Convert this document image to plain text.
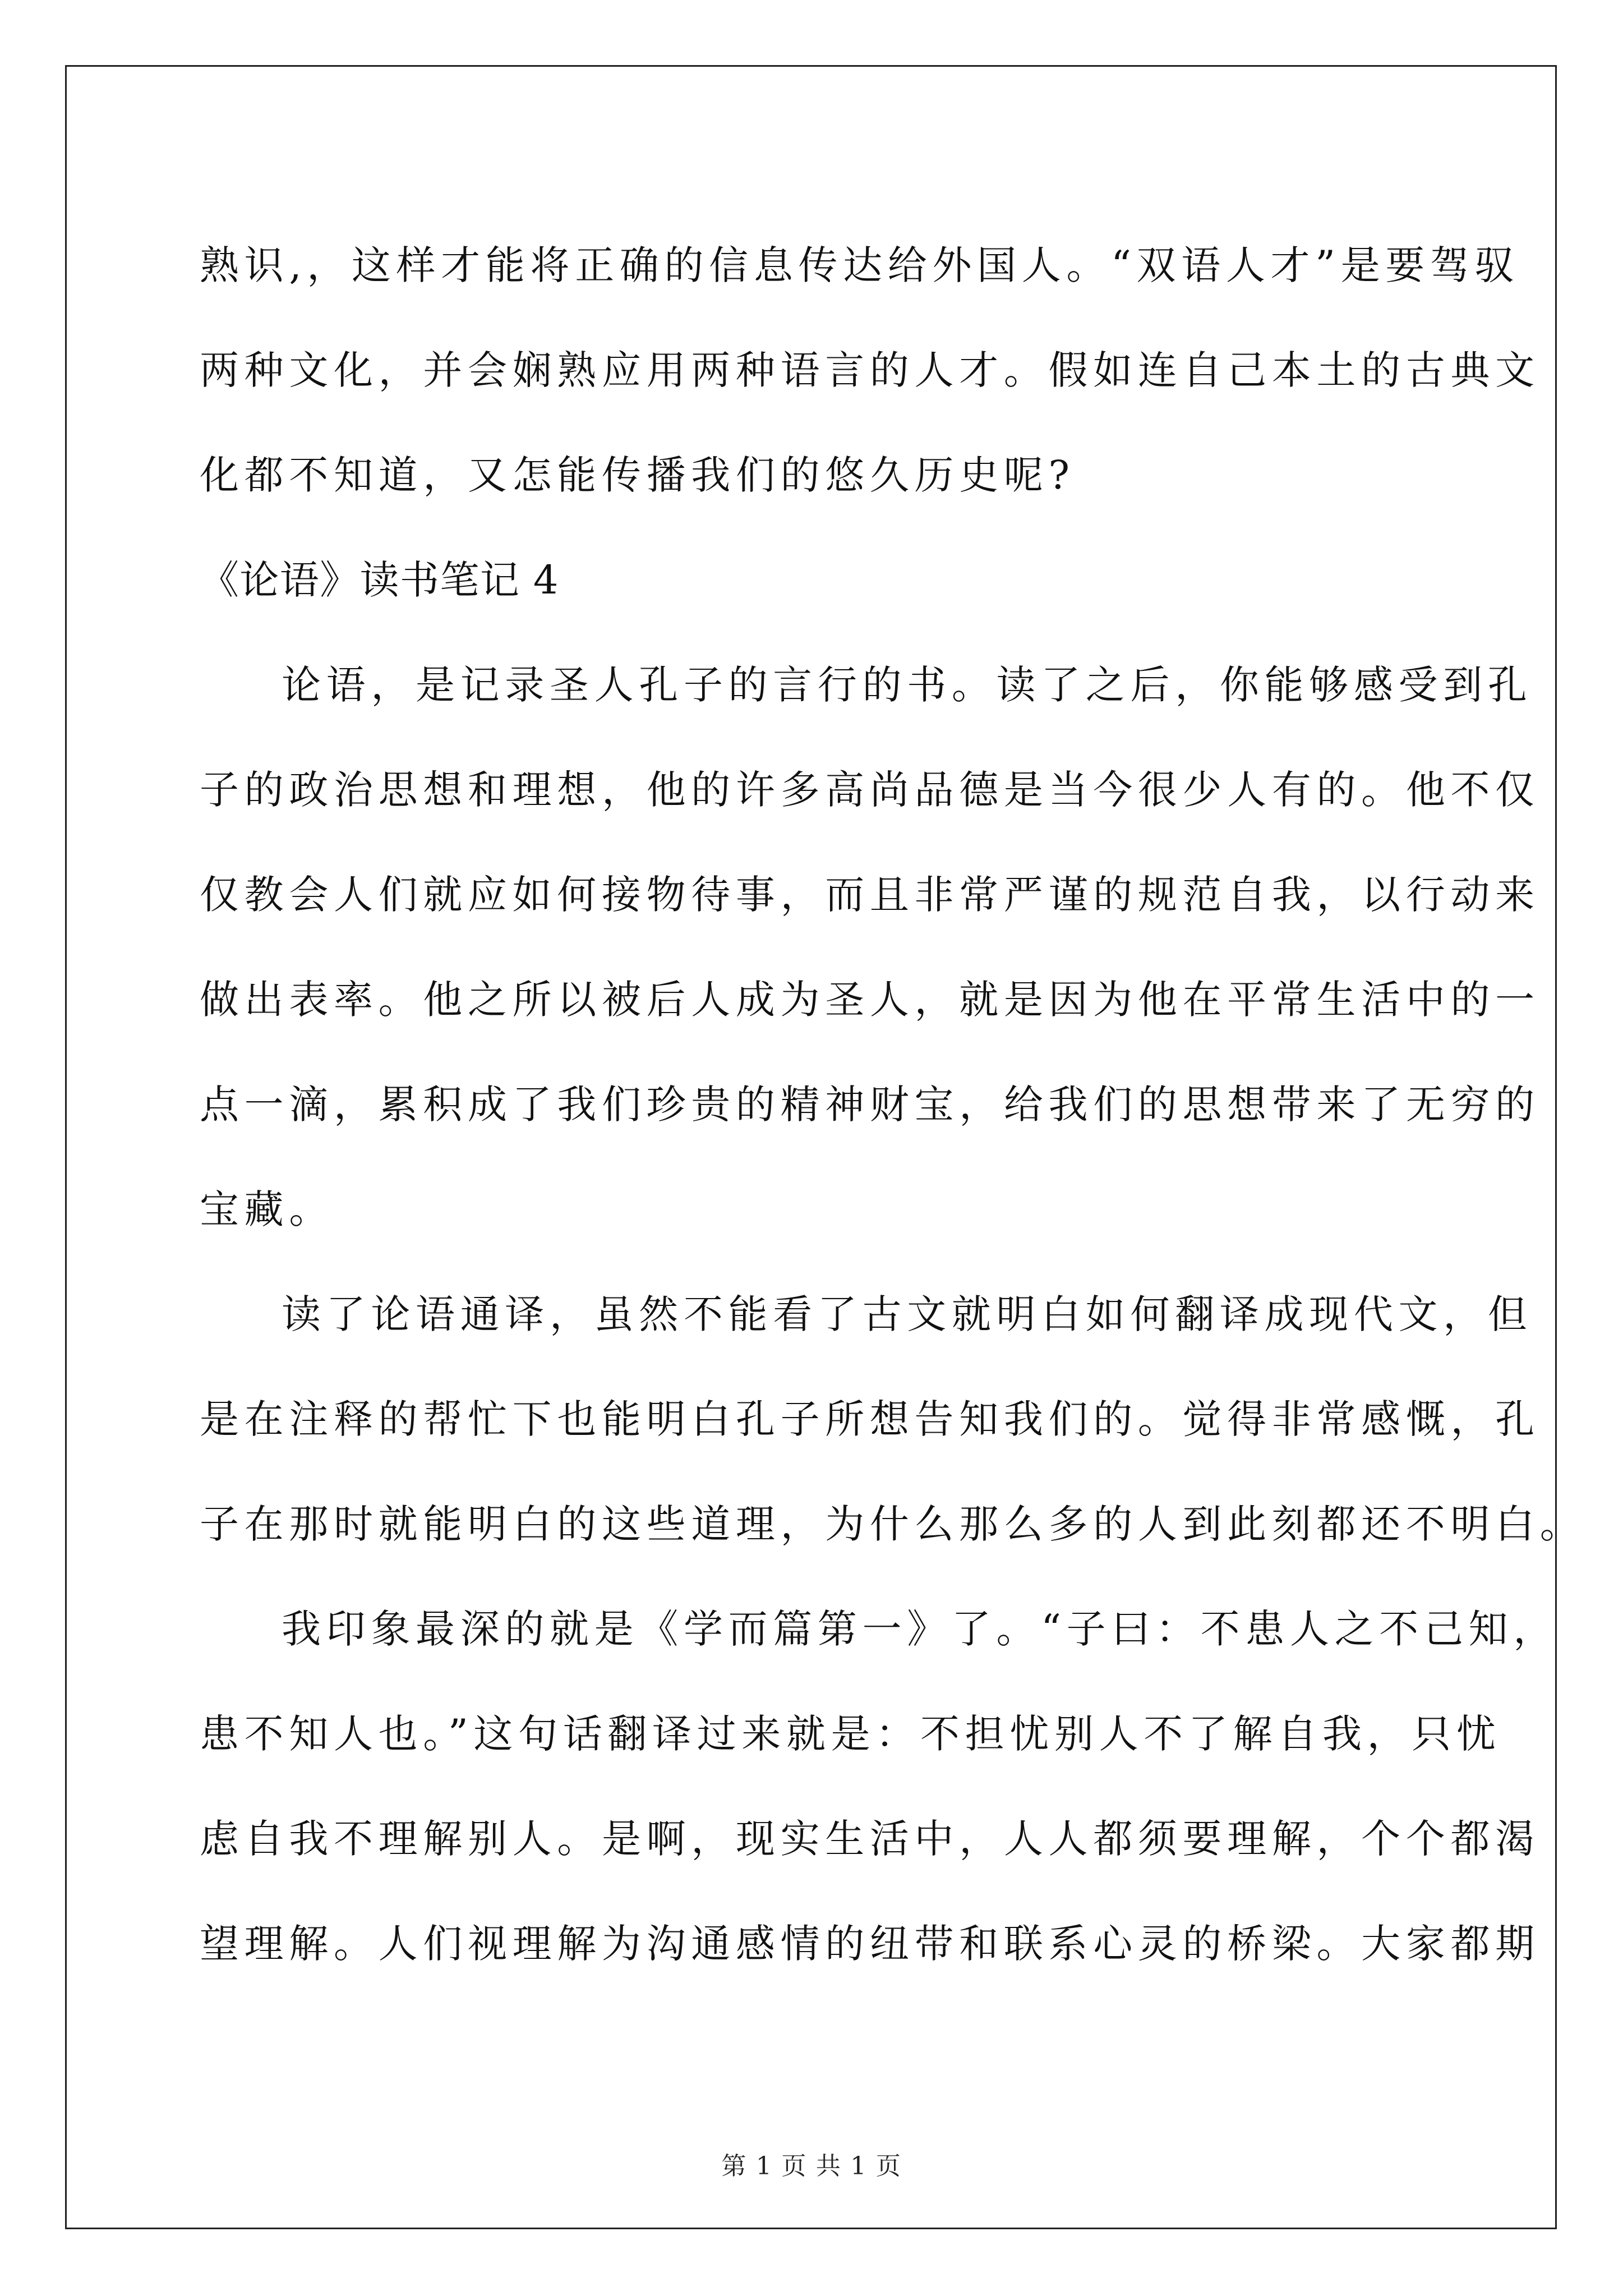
熟识,，这样才能将正确的信息传达给外国人。“双语人才”是要驾驭
两种文化，并会娴熟应用两种语言的人才。假如连自己本土的古典文
化都不知道，又怎能传播我们的悠久历史呢?
《论语》读书笔记 4
论语，是记录圣人孔子的言行的书。读了之后，你能够感受到孔
子的政治思想和理想，他的许多高尚品德是当今很少人有的。他不仅
仅教会人们就应如何接物待事，而且非常严谨的规范自我，以行动来
做出表率。他之所以被后人成为圣人，就是因为他在平常生活中的一
点一滴，累积成了我们珍贵的精神财宝，给我们的思想带来了无穷的
宝藏。
读了论语通译，虽然不能看了古文就明白如何翻译成现代文，但
是在注释的帮忙下也能明白孔子所想告知我们的。觉得非常感慨，孔
子在那时就能明白的这些道理，为什么那么多的人到此刻都还不明白。
我印象最深的就是《学而篇第一》了。“子曰：不患人之不己知，
患不知人也。”这句话翻译过来就是：不担忧别人不了解自我，只忧
虑自我不理解别人。是啊，现实生活中，人人都须要理解，个个都渴
望理解。人们视理解为沟通感情的纽带和联系心灵的桥梁。大家都期
第 1 页 共 1 页
